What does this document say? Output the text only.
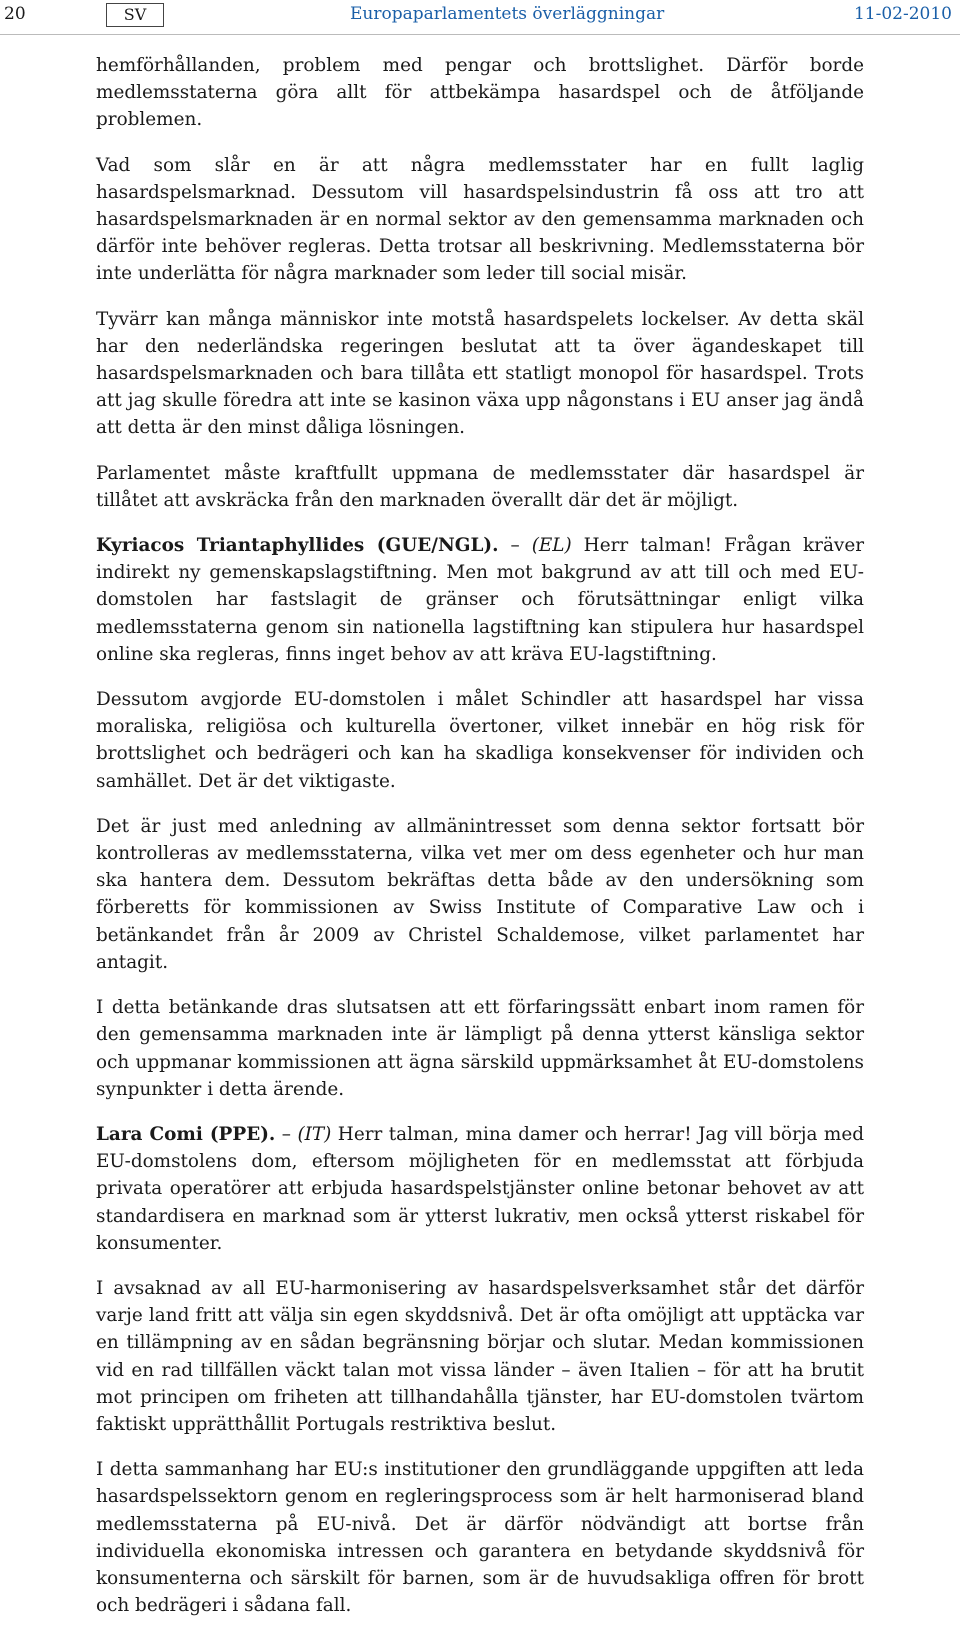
20	SV	Europaparlamentets överläggningar	11-02-2010

hemförhållanden, problem med pengar och brottslighet. Därför borde medlemsstaterna göra allt för attbekämpa hasardspel och de åtföljande problemen.

Vad som slår en är att några medlemsstater har en fullt laglig hasardspelsmarknad. Dessutom vill hasardspelsindustrin få oss att tro att hasardspelsmarknaden är en normal sektor av den gemensamma marknaden och därför inte behöver regleras. Detta trotsar all beskrivning. Medlemsstaterna bör inte underlätta för några marknader som leder till social misär.

Tyvärr kan många människor inte motstå hasardspelets lockelser. Av detta skäl har den nederländska regeringen beslutat att ta över ägandeskapet till hasardspelsmarknaden och bara tillåta ett statligt monopol för hasardspel. Trots att jag skulle föredra att inte se kasinon växa upp någonstans i EU anser jag ändå att detta är den minst dåliga lösningen.

Parlamentet måste kraftfullt uppmana de medlemsstater där hasardspel är tillåtet att avskräcka från den marknaden överallt där det är möjligt.

Kyriacos Triantaphyllides (GUE/NGL). – (EL) Herr talman! Frågan kräver indirekt ny gemenskapslagstiftning. Men mot bakgrund av att till och med EU-domstolen har fastslagit de gränser och förutsättningar enligt vilka medlemsstaterna genom sin nationella lagstiftning kan stipulera hur hasardspel online ska regleras, finns inget behov av att kräva EU-lagstiftning.

Dessutom avgjorde EU-domstolen i målet Schindler att hasardspel har vissa moraliska, religiösa och kulturella övertoner, vilket innebär en hög risk för brottslighet och bedrägeri och kan ha skadliga konsekvenser för individen och samhället. Det är det viktigaste.

Det är just med anledning av allmänintresset som denna sektor fortsatt bör kontrolleras av medlemsstaterna, vilka vet mer om dess egenheter och hur man ska hantera dem. Dessutom bekräftas detta både av den undersökning som förberetts för kommissionen av Swiss Institute of Comparative Law och i betänkandet från år 2009 av Christel Schaldemose, vilket parlamentet har antagit.

I detta betänkande dras slutsatsen att ett förfaringssätt enbart inom ramen för den gemensamma marknaden inte är lämpligt på denna ytterst känsliga sektor och uppmanar kommissionen att ägna särskild uppmärksamhet åt EU-domstolens synpunkter i detta ärende.

Lara Comi (PPE). – (IT) Herr talman, mina damer och herrar! Jag vill börja med EU-domstolens dom, eftersom möjligheten för en medlemsstat att förbjuda privata operatörer att erbjuda hasardspelstjänster online betonar behovet av att standardisera en marknad som är ytterst lukrativ, men också ytterst riskabel för konsumenter.

I avsaknad av all EU-harmonisering av hasardspelsverksamhet står det därför varje land fritt att välja sin egen skyddsnivå. Det är ofta omöjligt att upptäcka var en tillämpning av en sådan begränsning börjar och slutar. Medan kommissionen vid en rad tillfällen väckt talan mot vissa länder – även Italien – för att ha brutit mot principen om friheten att tillhandahålla tjänster, har EU-domstolen tvärtom faktiskt upprätthållit Portugals restriktiva beslut.

I detta sammanhang har EU:s institutioner den grundläggande uppgiften att leda hasardspelssektorn genom en regleringsprocess som är helt harmoniserad bland medlemsstaterna på EU-nivå. Det är därför nödvändigt att bortse från individuella ekonomiska intressen och garantera en betydande skyddsnivå för konsumenterna och särskilt för barnen, som är de huvudsakliga offren för brott och bedrägeri i sådana fall.
